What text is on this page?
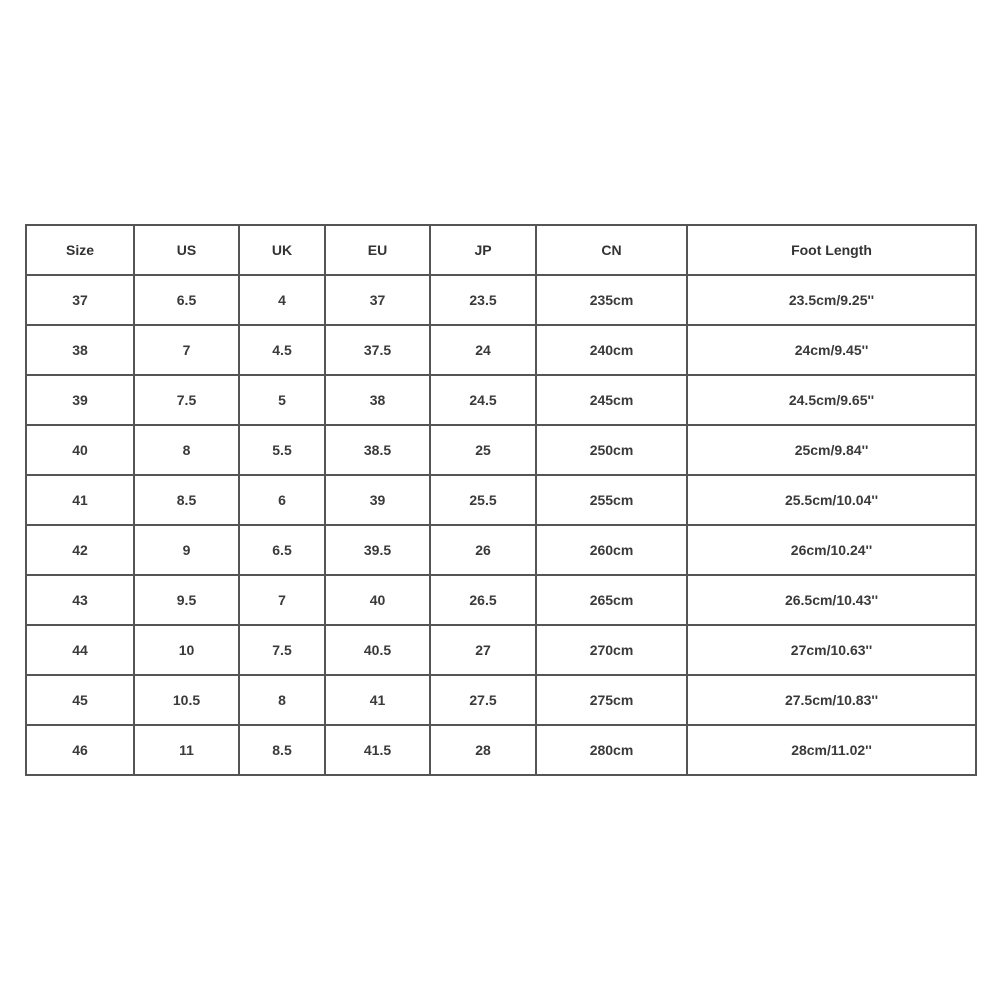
Size	US	UK	EU	JP	CN	Foot Length
37	6.5	4	37	23.5	235cm	23.5cm/9.25''
38	7	4.5	37.5	24	240cm	24cm/9.45''
39	7.5	5	38	24.5	245cm	24.5cm/9.65''
40	8	5.5	38.5	25	250cm	25cm/9.84''
41	8.5	6	39	25.5	255cm	25.5cm/10.04''
42	9	6.5	39.5	26	260cm	26cm/10.24''
43	9.5	7	40	26.5	265cm	26.5cm/10.43''
44	10	7.5	40.5	27	270cm	27cm/10.63''
45	10.5	8	41	27.5	275cm	27.5cm/10.83''
46	11	8.5	41.5	28	280cm	28cm/11.02''
